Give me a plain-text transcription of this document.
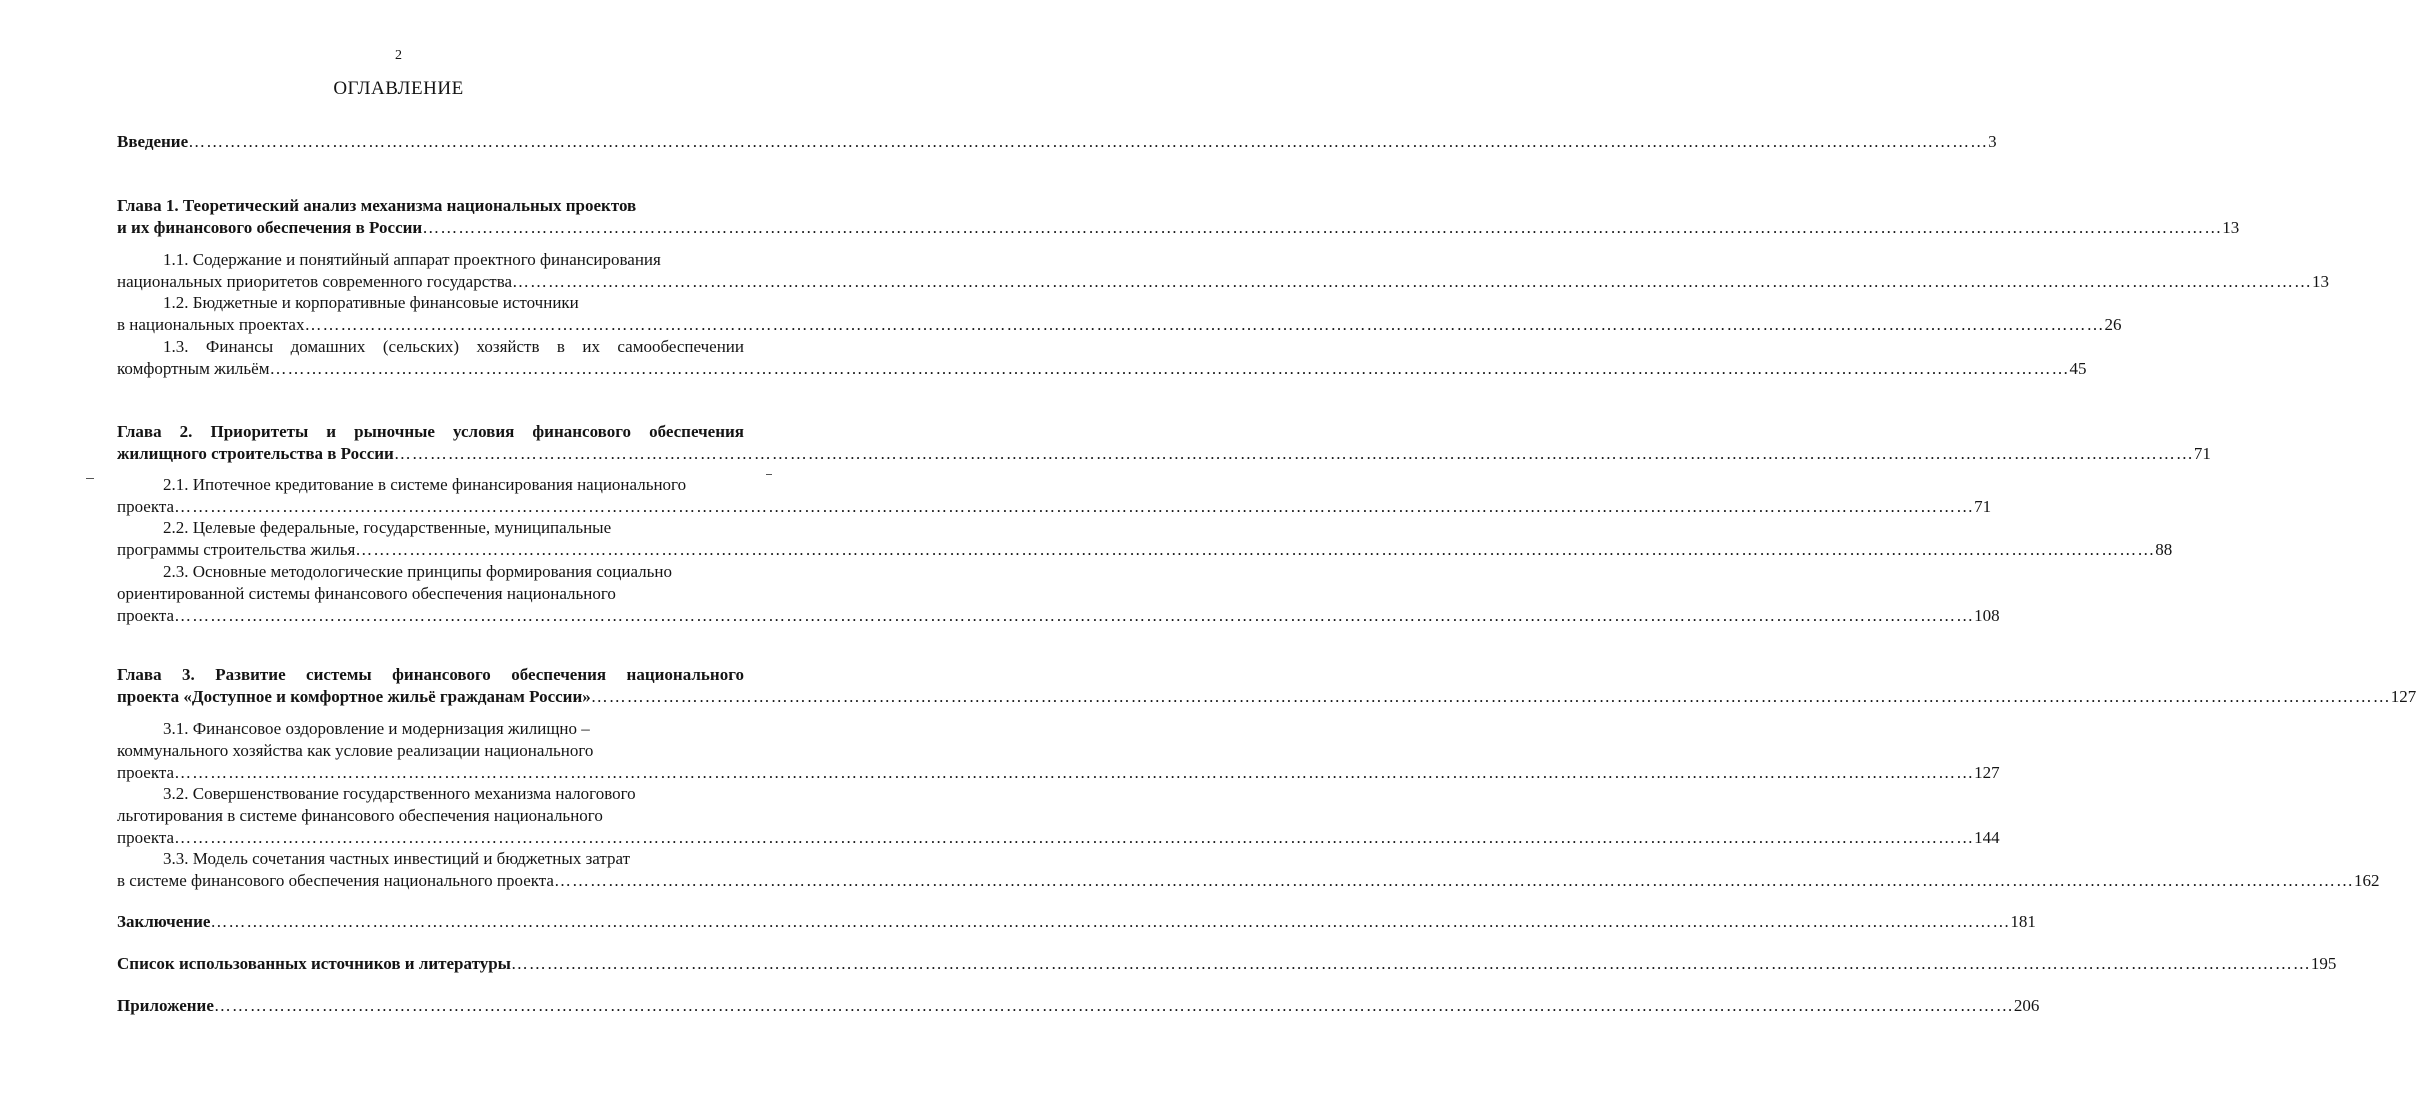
2
ОГЛАВЛЕНИЕ
Введение ………………………………………………………………………………………………………………………………………………………………………………………………………………………………………………………………………… 3
Глава 1. Теоретический анализ механизма национальных проектов
и их финансового обеспечения в России ………………………………………………………………………………………………………………………………………………………………………………………………………………………………………………………………………… 13
1.1. Содержание и понятийный аппарат проектного финансирования
национальных приоритетов современного государства ………………………………………………………………………………………………………………………………………………………………………………………………………………………………………………………………………… 13
1.2. Бюджетные и корпоративные финансовые источники
в национальных проектах ………………………………………………………………………………………………………………………………………………………………………………………………………………………………………………………………………… 26
1.3. Финансы домашних (сельских) хозяйств в их самообеспечении
комфортным жильём ………………………………………………………………………………………………………………………………………………………………………………………………………………………………………………………………………… 45
Глава 2. Приоритеты и рыночные условия финансового обеспечения
жилищного строительства в России ………………………………………………………………………………………………………………………………………………………………………………………………………………………………………………………………………… 71
2.1. Ипотечное кредитование в системе финансирования национального
проекта ………………………………………………………………………………………………………………………………………………………………………………………………………………………………………………………………………… 71
2.2. Целевые федеральные, государственные, муниципальные
программы строительства жилья ………………………………………………………………………………………………………………………………………………………………………………………………………………………………………………………………………… 88
2.3. Основные методологические принципы формирования социально
ориентированной системы финансового обеспечения национального
проекта ………………………………………………………………………………………………………………………………………………………………………………………………………………………………………………………………………… 108
Глава 3. Развитие системы финансового обеспечения национального
проекта «Доступное и комфортное жильё гражданам России» ………………………………………………………………………………………………………………………………………………………………………………………………………………………………………………………………………… 127
3.1. Финансовое оздоровление и модернизация жилищно –
коммунального хозяйства как условие реализации национального
проекта ………………………………………………………………………………………………………………………………………………………………………………………………………………………………………………………………………… 127
3.2. Совершенствование государственного механизма налогового
льготирования в системе финансового обеспечения национального
проекта ………………………………………………………………………………………………………………………………………………………………………………………………………………………………………………………………………… 144
3.3. Модель сочетания частных инвестиций и бюджетных затрат
в системе финансового обеспечения национального проекта ………………………………………………………………………………………………………………………………………………………………………………………………………………………………………………………………………… 162
Заключение ………………………………………………………………………………………………………………………………………………………………………………………………………………………………………………………………………… 181
Список использованных источников и литературы ………………………………………………………………………………………………………………………………………………………………………………………………………………………………………………………………………… 195
Приложение ………………………………………………………………………………………………………………………………………………………………………………………………………………………………………………………………………… 206
